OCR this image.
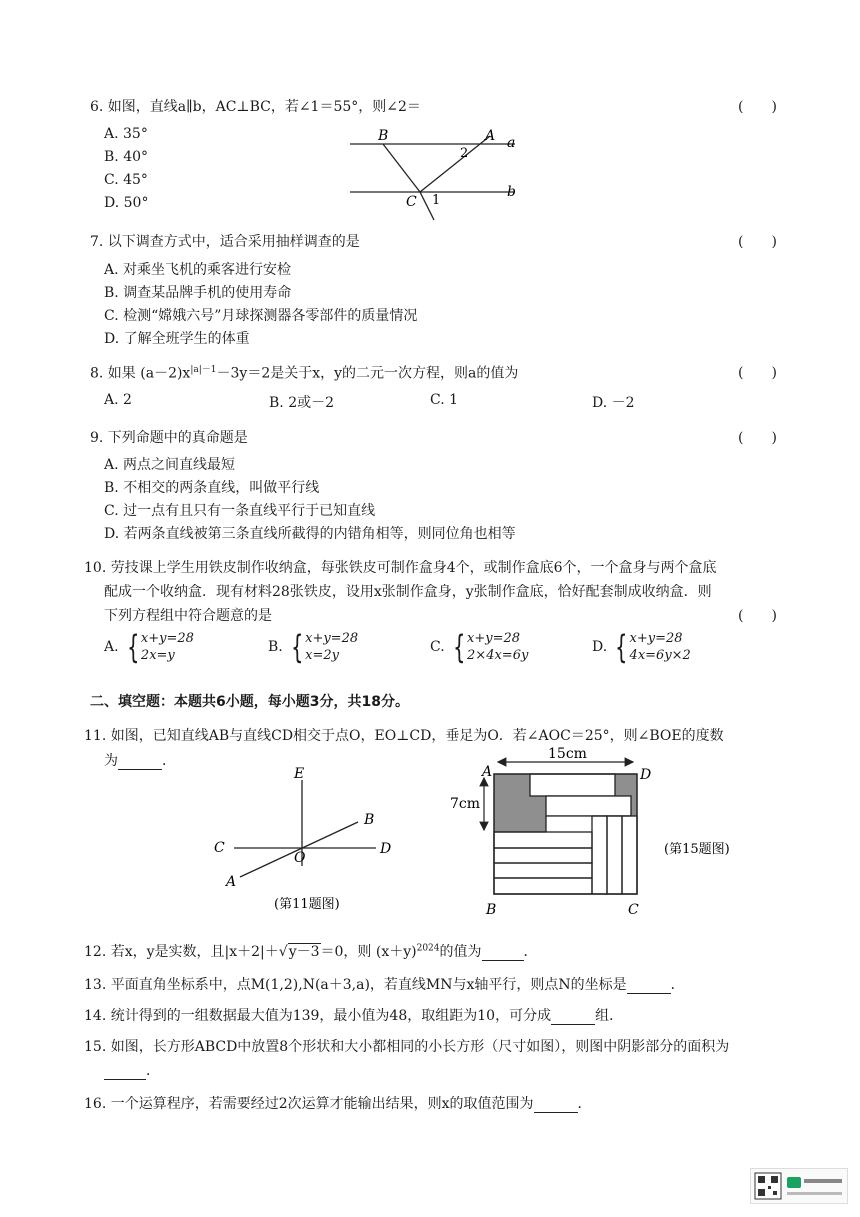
6. 如图，直线a∥b，AC⊥BC，若∠1＝55°，则∠2＝	(　　)
A. 35°
B. 40°
C. 45°
D. 50°
B	A a
b
C 1
2
7. 以下调查方式中，适合采用抽样调查的是	(　　)
A. 对乘坐飞机的乘客进行安检
B. 调查某品牌手机的使用寿命
C. 检测“嫦娥六号”月球探测器各零部件的质量情况
D. 了解全班学生的体重
8. 如果 $(a-2)x^{|a|-1}-3y=2$是关于x，y的二元一次方程，则a的值为	(　　)
A. 2	B. 2或－2	C. 1	D. －2
9. 下列命题中的真命题是	(　　)
A. 两点之间直线最短
B. 不相交的两条直线，叫做平行线
C. 过一点有且只有一条直线平行于已知直线
D. 若两条直线被第三条直线所截得的内错角相等，则同位角也相等
10. 劳技课上学生用铁皮制作收纳盒，每张铁皮可制作盒身4个，或制作盒底6个，一个盒身与两个盒底
配成一个收纳盒．现有材料28张铁皮，设用x张制作盒身，y张制作盒底，恰好配套制成收纳盒．则
下列方程组中符合题意的是	(　　)
A. { x+y=28
2x=y
B. { x+y=28
x=2y
C. { x+y=28
2×4x=6y
D. { x+y=28
4x=6y×2
二、填空题：本题共6小题，每小题3分，共18分。
11. 如图，已知直线AB与直线CD相交于点O，EO⊥CD，垂足为O．若∠AOC＝25°，则∠BOE的度数
为	．
E
B
C
O
D
A
(第11题图)
15cm
7cm
A	D
B	C
(第15题图)
12. 若x，y是实数，且|x＋2|＋√y－3＝0，则 $(x+y)^{2024}$的值为	．
13. 平面直角坐标系中，点M(1,2),N(a＋3,a)，若直线MN与x轴平行，则点N的坐标是	．
14. 统计得到的一组数据最大值为139，最小值为48，取组距为10，可分成	组．
15. 如图，长方形ABCD中放置8个形状和大小都相同的小长方形（尺寸如图），则图中阴影部分的面积为
．
16. 一个运算程序，若需要经过2次运算才能输出结果，则x的取值范围为	．
